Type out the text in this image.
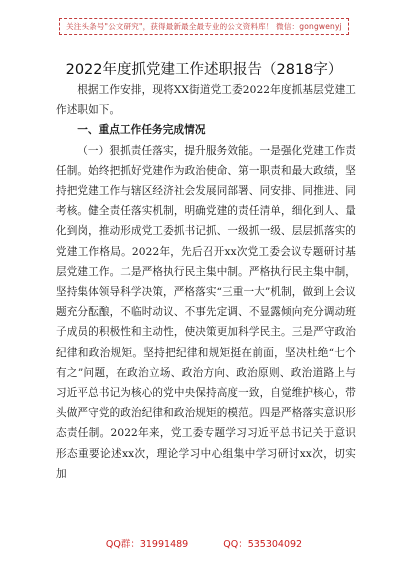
关注头条号"公文研究"，获得最新最全最专业的公文资料库！ 微信：gongwenyj
2022年度抓党建工作述职报告（2818字）

根据工作安排，现将XX街道党工委2022年度抓基层党建工作述职如下。

一、重点工作任务完成情况

（一）狠抓责任落实，提升服务效能。一是强化党建工作责任制。始终把抓好党建作为政治使命、第一职责和最大政绩，坚持把党建工作与辖区经济社会发展同部署、同安排、同推进、同考核。健全责任落实机制，明确党建的责任清单，细化到人、量化到岗，推动形成党工委抓书记抓、一级抓一级、层层抓落实的党建工作格局。2022年，先后召开xx次党工委会议专题研讨基层党建工作。二是严格执行民主集中制。严格执行民主集中制，坚持集体领导科学决策，严格落实“三重一大”机制，做到上会议题充分酝酿，不临时动议、不事先定调、不显露倾向充分调动班子成员的积极性和主动性，使决策更加科学民主。三是严守政治纪律和政治规矩。坚持把纪律和规矩挺在前面，坚决杜绝“七个有之”问题，在政治立场、政治方向、政治原则、政治道路上与习近平总书记为核心的党中央保持高度一致，自觉维护核心，带头做严守党的政治纪律和政治规矩的模范。四是严格落实意识形态责任制。2022年来，党工委专题学习习近平总书记关于意识形态重要论述xx次，理论学习中心组集中学习研讨xx次，切实加

QQ群：31991489	QQ：535304092
